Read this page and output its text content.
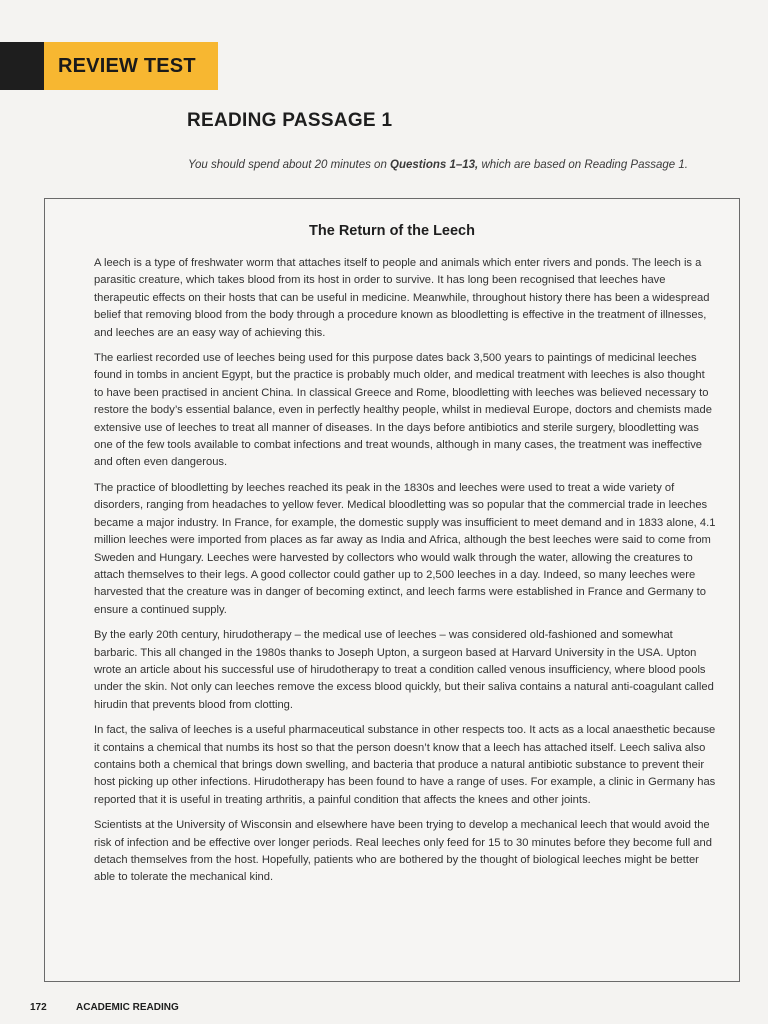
REVIEW TEST
READING PASSAGE 1
You should spend about 20 minutes on Questions 1–13, which are based on Reading Passage 1.
The Return of the Leech

A leech is a type of freshwater worm that attaches itself to people and animals which enter rivers and ponds. The leech is a parasitic creature, which takes blood from its host in order to survive. It has long been recognised that leeches have therapeutic effects on their hosts that can be useful in medicine. Meanwhile, throughout history there has been a widespread belief that removing blood from the body through a procedure known as bloodletting is effective in the treatment of illnesses, and leeches are an easy way of achieving this.

The earliest recorded use of leeches being used for this purpose dates back 3,500 years to paintings of medicinal leeches found in tombs in ancient Egypt, but the practice is probably much older, and medical treatment with leeches is also thought to have been practised in ancient China. In classical Greece and Rome, bloodletting with leeches was believed necessary to restore the body’s essential balance, even in perfectly healthy people, whilst in medieval Europe, doctors and chemists made extensive use of leeches to treat all manner of diseases. In the days before antibiotics and sterile surgery, bloodletting was one of the few tools available to combat infections and treat wounds, although in many cases, the treatment was ineffective and often even dangerous.

The practice of bloodletting by leeches reached its peak in the 1830s and leeches were used to treat a wide variety of disorders, ranging from headaches to yellow fever. Medical bloodletting was so popular that the commercial trade in leeches became a major industry. In France, for example, the domestic supply was insufficient to meet demand and in 1833 alone, 4.1 million leeches were imported from places as far away as India and Africa, although the best leeches were said to come from Sweden and Hungary. Leeches were harvested by collectors who would walk through the water, allowing the creatures to attach themselves to their legs. A good collector could gather up to 2,500 leeches in a day. Indeed, so many leeches were harvested that the creature was in danger of becoming extinct, and leech farms were established in France and Germany to ensure a continued supply.

By the early 20th century, hirudotherapy – the medical use of leeches – was considered old-fashioned and somewhat barbaric. This all changed in the 1980s thanks to Joseph Upton, a surgeon based at Harvard University in the USA. Upton wrote an article about his successful use of hirudotherapy to treat a condition called venous insufficiency, where blood pools under the skin. Not only can leeches remove the excess blood quickly, but their saliva contains a natural anti-coagulant called hirudin that prevents blood from clotting.

In fact, the saliva of leeches is a useful pharmaceutical substance in other respects too. It acts as a local anaesthetic because it contains a chemical that numbs its host so that the person doesn’t know that a leech has attached itself. Leech saliva also contains both a chemical that brings down swelling, and bacteria that produce a natural antibiotic substance to prevent their host picking up other infections. Hirudotherapy has been found to have a range of uses. For example, a clinic in Germany has reported that it is useful in treating arthritis, a painful condition that affects the knees and other joints.

Scientists at the University of Wisconsin and elsewhere have been trying to develop a mechanical leech that would avoid the risk of infection and be effective over longer periods. Real leeches only feed for 15 to 30 minutes before they become full and detach themselves from the host. Hopefully, patients who are bothered by the thought of biological leeches might be better able to tolerate the mechanical kind.

172	ACADEMIC READING
